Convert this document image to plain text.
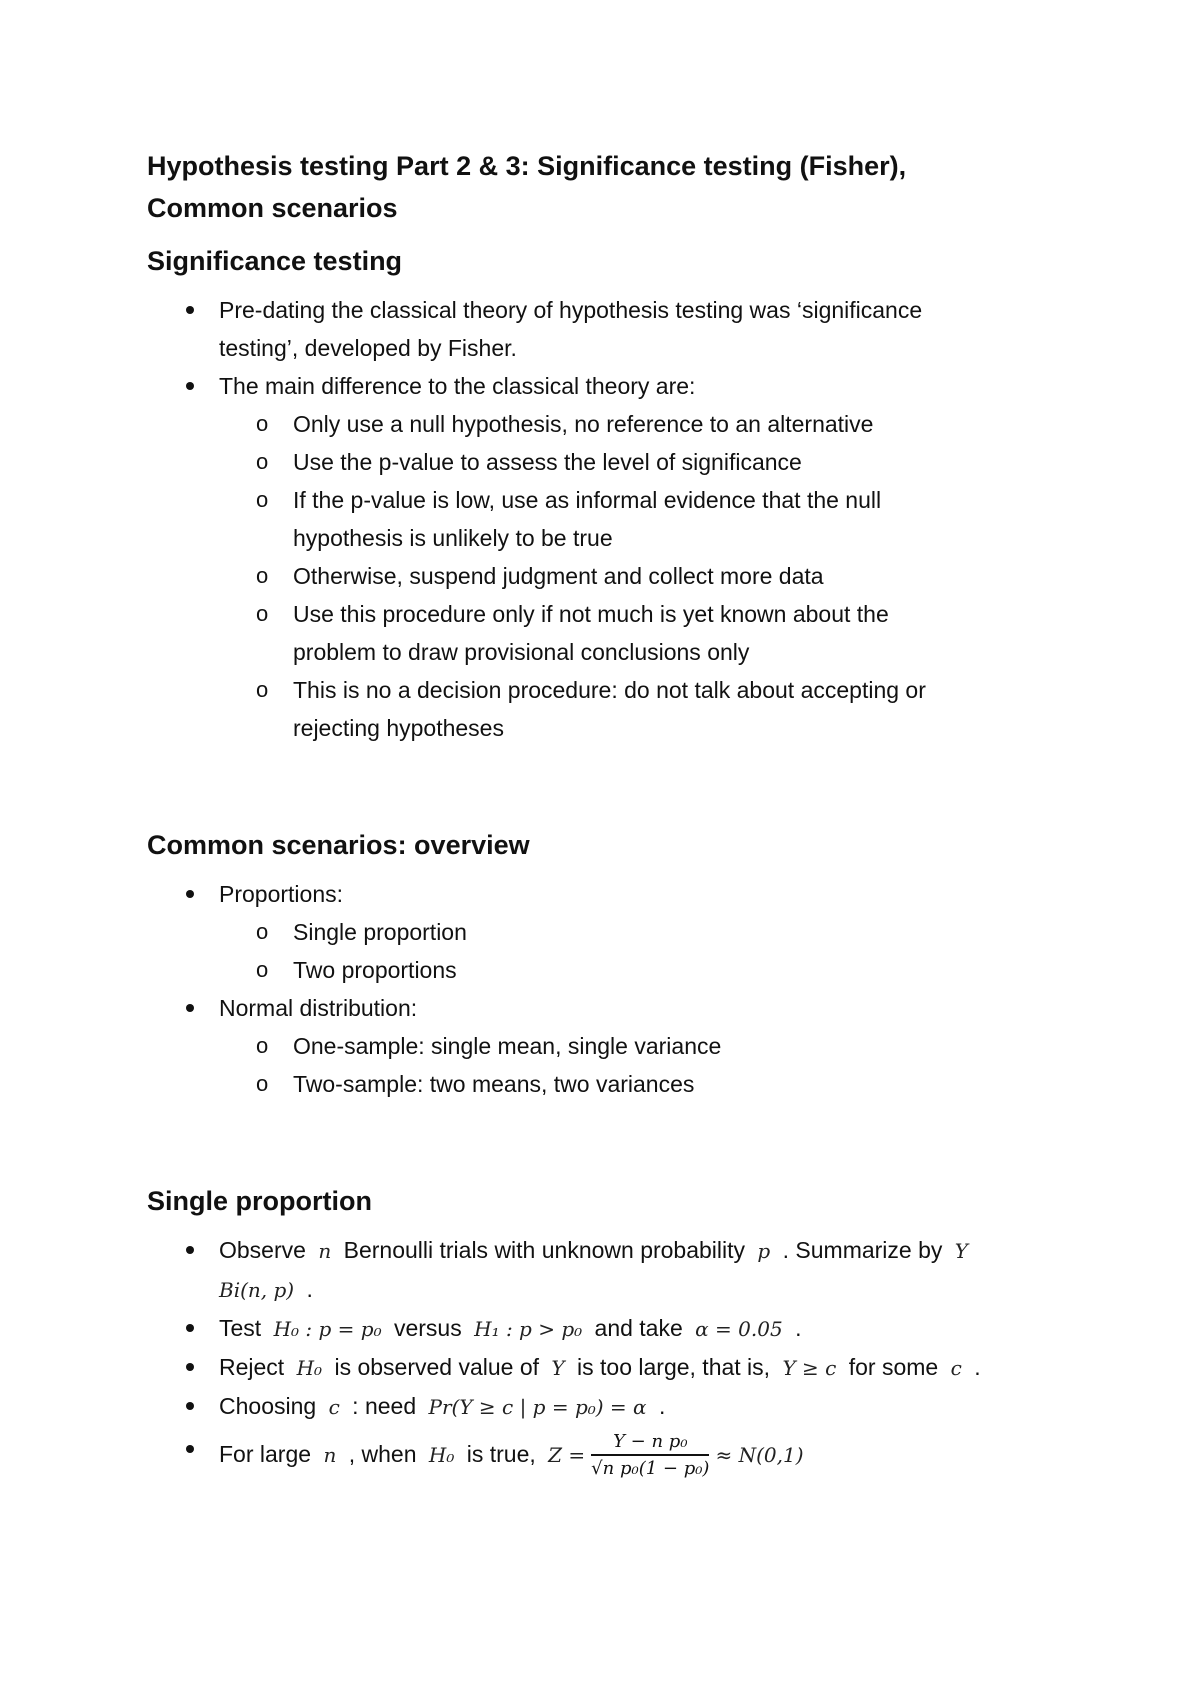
Hypothesis testing Part 2 & 3: Significance testing (Fisher), Common scenarios

Significance testing
Pre-dating the classical theory of hypothesis testing was ‘significance testing’, developed by Fisher.
The main difference to the classical theory are:
o Only use a null hypothesis, no reference to an alternative
o Use the p-value to assess the level of significance
o If the p-value is low, use as informal evidence that the null hypothesis is unlikely to be true
o Otherwise, suspend judgment and collect more data
o Use this procedure only if not much is yet known about the problem to draw provisional conclusions only
o This is no a decision procedure: do not talk about accepting or rejecting hypotheses
Common scenarios: overview
Proportions:
o Single proportion
o Two proportions
Normal distribution:
o One-sample: single mean, single variance
o Two-sample: two means, two variances
Single proportion
Observe n Bernoulli trials with unknown probability p . Summarize by Y Bi(n, p) .
Test H₀ : p = p₀ versus H₁ : p > p₀ and take α = 0.05 .
Reject H₀ is observed value of Y is too large, that is, Y ≥ c for some c .
Choosing c : need Pr(Y ≥ c | p = p₀) = α .
For large n , when H₀ is true, $Z = \frac{\text{Y − n p₀}}{\text{√n p₀(1 − p₀)}} \approx N(0,1)$
